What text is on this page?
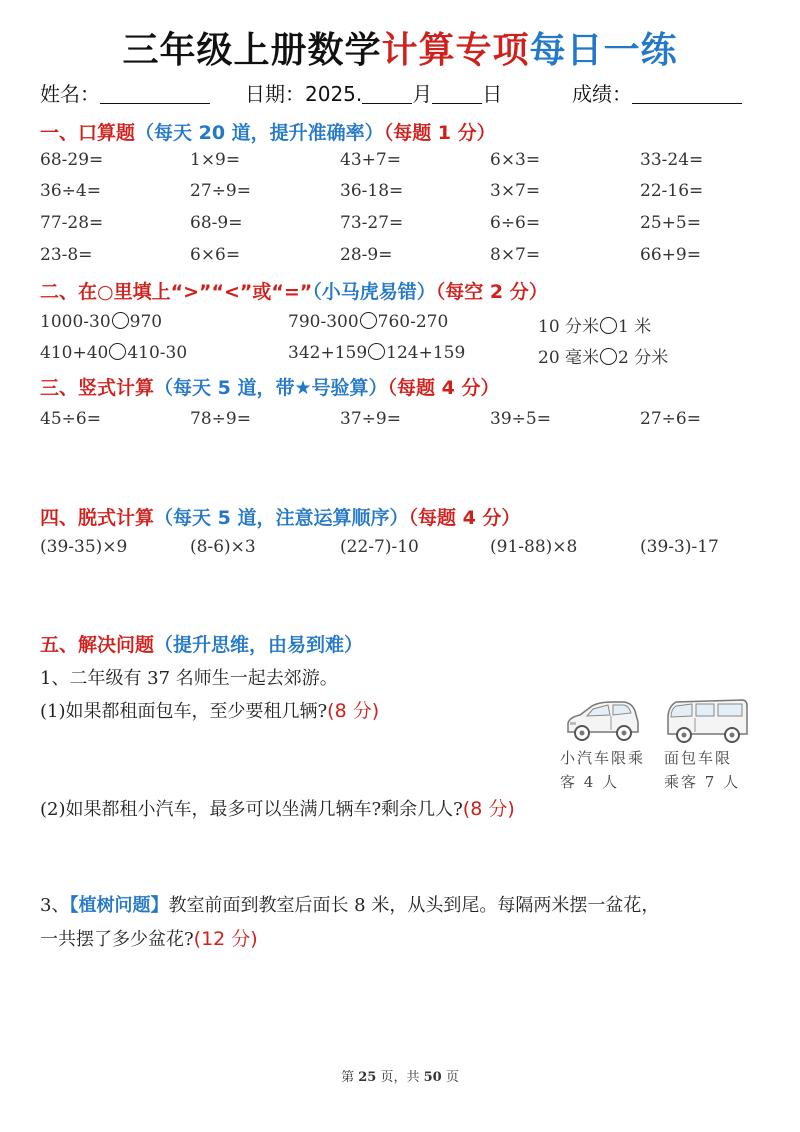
三年级上册数学计算专项每日一练
姓名：	日期：2025.	月	日	成绩：
一、口算题（每天 20 道，提升准确率）（每题 1 分）
68-29=	1×9=	43+7=	6×3=	33-24=
36÷4=	27÷9=	36-18=	3×7=	22-16=
77-28=	68-9=	73-27=	6÷6=	25+5=
23-8=	6×6=	28-9=	8×7=	66+9=
二、在○里填上“>”“<”或“=”（小马虎易错）（每空 2 分）
1000-30 970	790-300 760-270	10 分米 1 米
410+40 410-30	342+159 124+159	20 毫米 2 分米
三、竖式计算（每天 5 道，带★号验算）（每题 4 分）
45÷6=	78÷9=	37÷9=	39÷5=	27÷6=
四、脱式计算（每天 5 道，注意运算顺序）（每题 4 分）
(39-35)×9	(8-6)×3	(22-7)-10	(91-88)×8	(39-3)-17
五、解决问题（提升思维，由易到难）
1、二年级有 37 名师生一起去郊游。
(1)如果都租面包车，至少要租几辆?(8 分)
小汽车限乘
客 4 人
面包车限
乘客 7 人
(2)如果都租小汽车，最多可以坐满几辆车?剩余几人?(8 分)
3、【植树问题】教室前面到教室后面长 8 米，从头到尾。每隔两米摆一盆花，
一共摆了多少盆花?(12 分)
第 25 页，共 50 页
